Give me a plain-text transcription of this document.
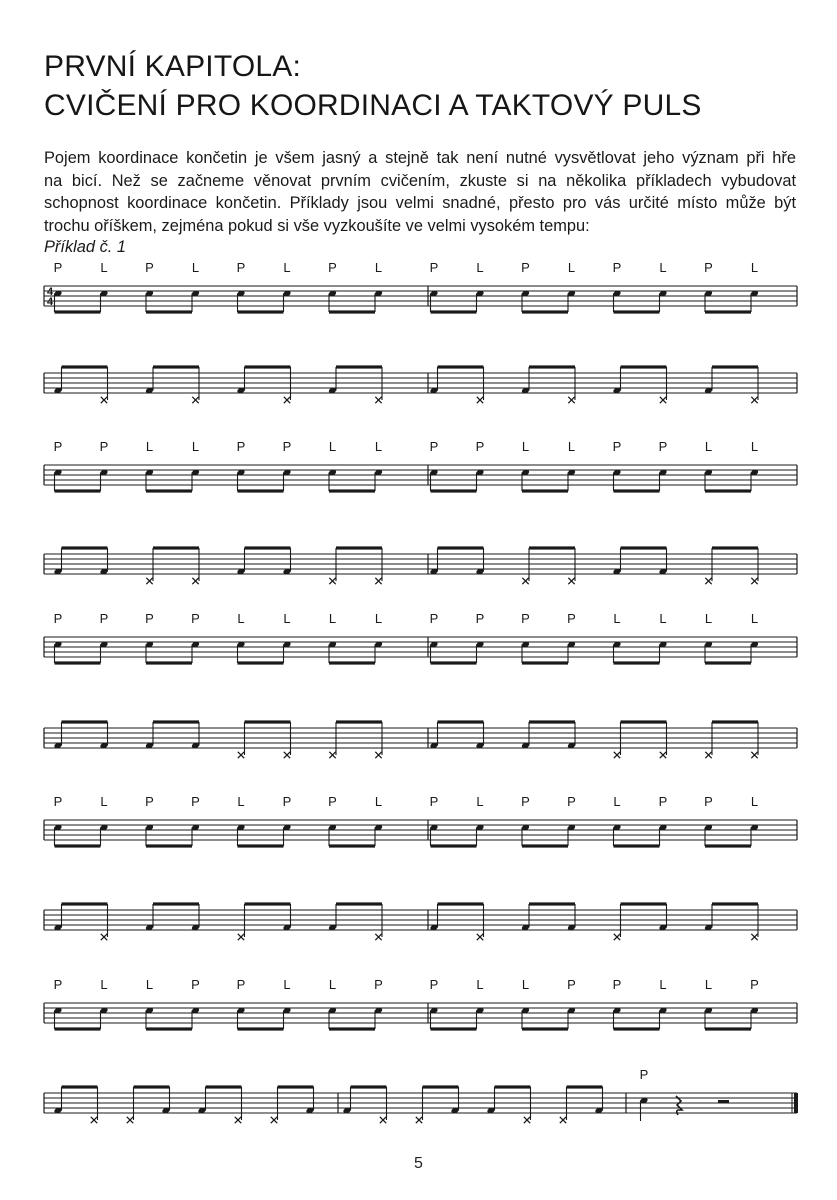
PRVNÍ KAPITOLA:
CVIČENÍ PRO KOORDINACI A TAKTOVÝ PULS
Pojem koordinace končetin je všem jasný a stejně tak není nutné vysvětlovat jeho význam při hře
na bicí. Než se začneme věnovat prvním cvičením, zkuste si na několika příkladech vybudovat
schopnost koordinace končetin. Příklady jsou velmi snadné, přesto pro vás určité místo může být
trochu oříškem, zejména pokud si vše vyzkoušíte ve velmi vysokém tempu:
Příklad č. 1
4
4
P	L	P	L	P	L	P	L	P	L	P	L	P	L	P	L
P	P	L	L	P	P	L	L	P	P	L	L	P	P	L	L
P	P	P	P	L	L	L	L	P	P	P	P	L	L	L	L
P	L	P	P	L	P	P	L	P	L	P	P	L	P	P	L
P	L	L	P	P	L	L	P	P	L	L	P	P	L	L	P
P
5
